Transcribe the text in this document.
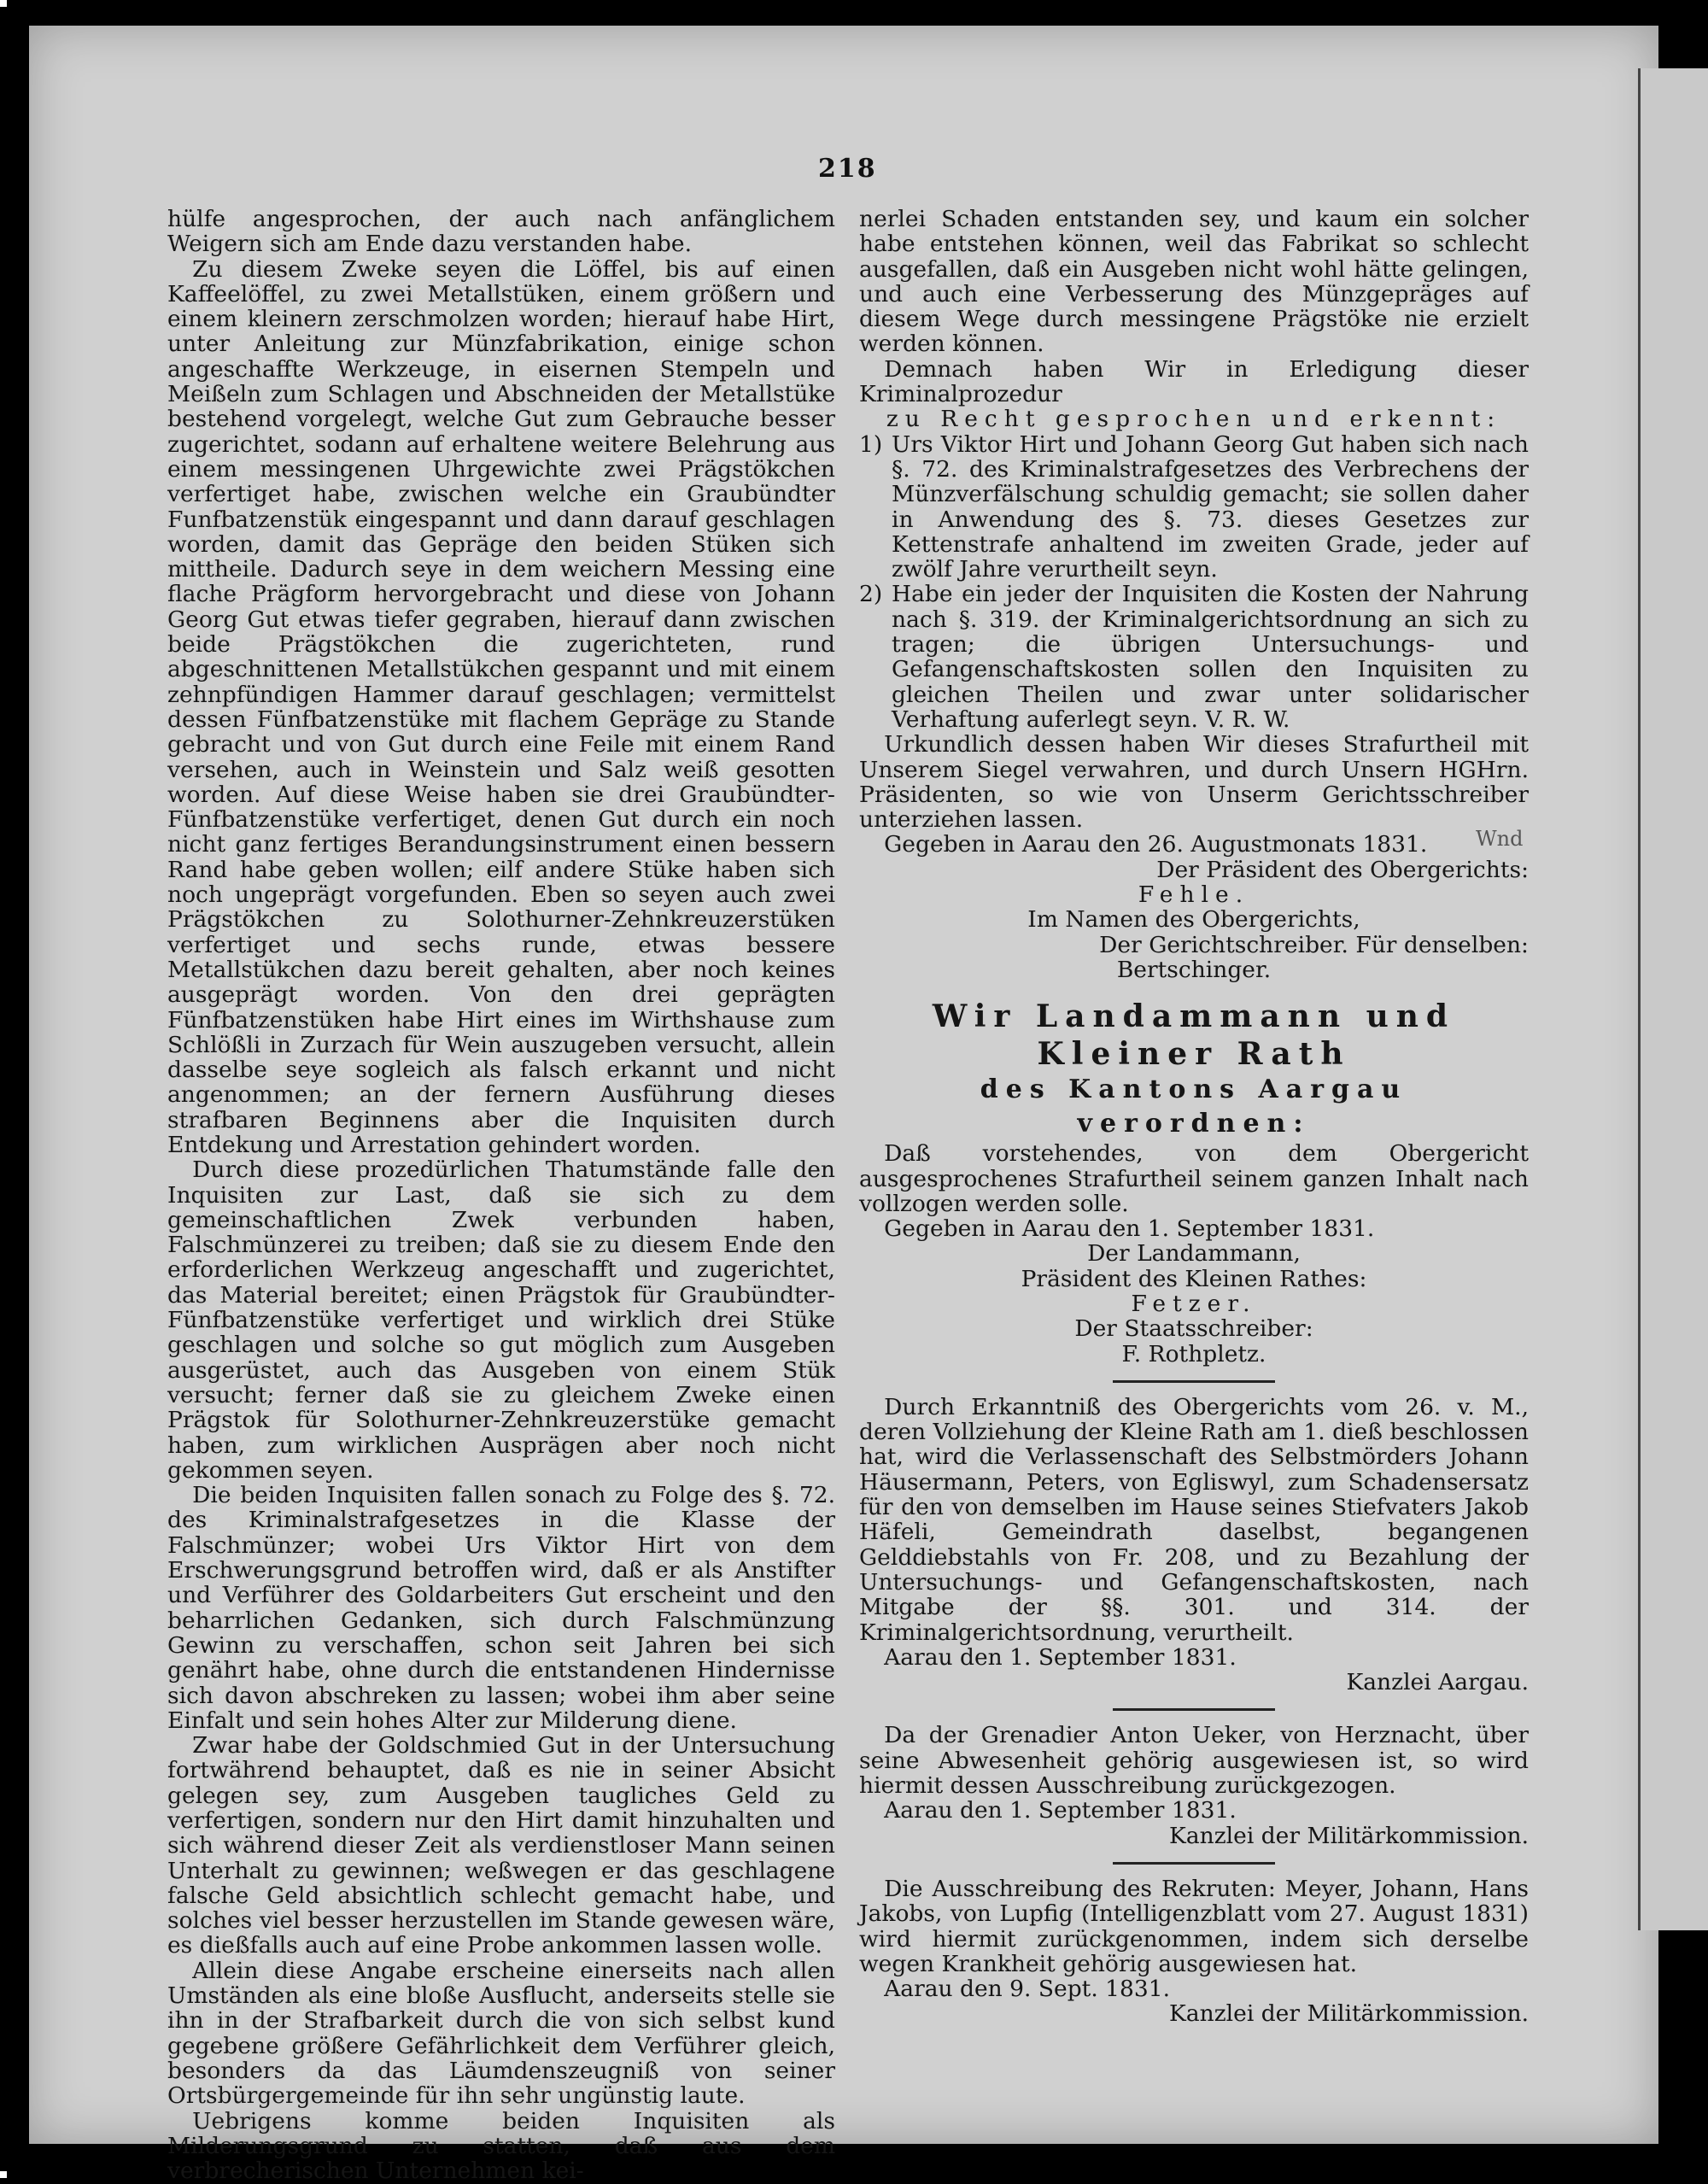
Wnd
218

hülfe angesprochen, der auch nach anfänglichem Weigern sich am Ende dazu verstanden habe.

Zu diesem Zweke seyen die Löffel, bis auf einen Kaffeelöffel, zu zwei Metallstüken, einem größern und einem kleinern zerschmolzen worden; hierauf habe Hirt, unter Anleitung zur Münzfabrikation, einige schon angeschaffte Werkzeuge, in eisernen Stempeln und Meißeln zum Schlagen und Abschneiden der Metallstüke bestehend vorgelegt, welche Gut zum Gebrauche besser zugerichtet, sodann auf erhaltene weitere Belehrung aus einem messingenen Uhrgewichte zwei Prägstökchen verfertiget habe, zwischen welche ein Graubündter Funfbatzenstük eingespannt und dann darauf geschlagen worden, damit das Gepräge den beiden Stüken sich mittheile. Dadurch seye in dem weichern Messing eine flache Prägform hervorgebracht und diese von Johann Georg Gut etwas tiefer gegraben, hierauf dann zwischen beide Prägstökchen die zugerichteten, rund abgeschnittenen Metallstükchen gespannt und mit einem zehnpfündigen Hammer darauf geschlagen; vermittelst dessen Fünfbatzenstüke mit flachem Gepräge zu Stande gebracht und von Gut durch eine Feile mit einem Rand versehen, auch in Weinstein und Salz weiß gesotten worden. Auf diese Weise haben sie drei Graubündter-Fünfbatzenstüke verfertiget, denen Gut durch ein noch nicht ganz fertiges Berandungsinstrument einen bessern Rand habe geben wollen; eilf andere Stüke haben sich noch ungeprägt vorgefunden. Eben so seyen auch zwei Prägstökchen zu Solothurner-Zehnkreuzerstüken verfertiget und sechs runde, etwas bessere Metallstükchen dazu bereit gehalten, aber noch keines ausgeprägt worden. Von den drei geprägten Fünfbatzenstüken habe Hirt eines im Wirthshause zum Schlößli in Zurzach für Wein auszugeben versucht, allein dasselbe seye sogleich als falsch erkannt und nicht angenommen; an der fernern Ausführung dieses strafbaren Beginnens aber die Inquisiten durch Entdekung und Arrestation gehindert worden.

Durch diese prozedürlichen Thatumstände falle den Inquisiten zur Last, daß sie sich zu dem gemeinschaftlichen Zwek verbunden haben, Falschmünzerei zu treiben; daß sie zu diesem Ende den erforderlichen Werkzeug angeschafft und zugerichtet, das Material bereitet; einen Prägstok für Graubündter-Fünfbatzenstüke verfertiget und wirklich drei Stüke geschlagen und solche so gut möglich zum Ausgeben ausgerüstet, auch das Ausgeben von einem Stük versucht; ferner daß sie zu gleichem Zweke einen Prägstok für Solothurner-Zehnkreuzerstüke gemacht haben, zum wirklichen Ausprägen aber noch nicht gekommen seyen.

Die beiden Inquisiten fallen sonach zu Folge des §. 72. des Kriminalstrafgesetzes in die Klasse der Falschmünzer; wobei Urs Viktor Hirt von dem Erschwerungsgrund betroffen wird, daß er als Anstifter und Verführer des Goldarbeiters Gut erscheint und den beharrlichen Gedanken, sich durch Falschmünzung Gewinn zu verschaffen, schon seit Jahren bei sich genährt habe, ohne durch die entstandenen Hindernisse sich davon abschreken zu lassen; wobei ihm aber seine Einfalt und sein hohes Alter zur Milderung diene.

Zwar habe der Goldschmied Gut in der Untersuchung fortwährend behauptet, daß es nie in seiner Absicht gelegen sey, zum Ausgeben taugliches Geld zu verfertigen, sondern nur den Hirt damit hinzuhalten und sich während dieser Zeit als verdienstloser Mann seinen Unterhalt zu gewinnen; weßwegen er das geschlagene falsche Geld absichtlich schlecht gemacht habe, und solches viel besser herzustellen im Stande gewesen wäre, es dießfalls auch auf eine Probe ankommen lassen wolle.

Allein diese Angabe erscheine einerseits nach allen Umständen als eine bloße Ausflucht, anderseits stelle sie ihn in der Strafbarkeit durch die von sich selbst kund gegebene größere Gefährlichkeit dem Verführer gleich, besonders da das Läumdenszeugniß von seiner Ortsbürgergemeinde für ihn sehr ungünstig laute.

Uebrigens komme beiden Inquisiten als Milderungsgrund zu statten, daß aus dem verbrecherischen Unternehmen kei-

nerlei Schaden entstanden sey, und kaum ein solcher habe entstehen können, weil das Fabrikat so schlecht ausgefallen, daß ein Ausgeben nicht wohl hätte gelingen, und auch eine Verbesserung des Münzgepräges auf diesem Wege durch messingene Prägstöke nie erzielt werden können.

Demnach haben Wir in Erledigung dieser Kriminalprozedur

zu Recht gesprochen und erkennt:

1) Urs Viktor Hirt und Johann Georg Gut haben sich nach §. 72. des Kriminalstrafgesetzes des Verbrechens der Münzverfälschung schuldig gemacht; sie sollen daher in Anwendung des §. 73. dieses Gesetzes zur Kettenstrafe anhaltend im zweiten Grade, jeder auf zwölf Jahre verurtheilt seyn.
2) Habe ein jeder der Inquisiten die Kosten der Nahrung nach §. 319. der Kriminalgerichtsordnung an sich zu tragen; die übrigen Untersuchungs- und Gefangenschaftskosten sollen den Inquisiten zu gleichen Theilen und zwar unter solidarischer Verhaftung auferlegt seyn. V. R. W.

Urkundlich dessen haben Wir dieses Strafurtheil mit Unserem Siegel verwahren, und durch Unsern HGHrn. Präsidenten, so wie von Unserm Gerichtsschreiber unterziehen lassen.

Gegeben in Aarau den 26. Augustmonats 1831.

Der Präsident des Obergerichts:

Fehle.

Im Namen des Obergerichts,

Der Gerichtschreiber. Für denselben:

Bertschinger.

Wir Landammann und Kleiner Rath

des Kantons Aargau

verordnen:

Daß vorstehendes, von dem Obergericht ausgesprochenes Strafurtheil seinem ganzen Inhalt nach vollzogen werden solle.

Gegeben in Aarau den 1. September 1831.

Der Landammann,

Präsident des Kleinen Rathes:

Fetzer.

Der Staatsschreiber:

F. Rothpletz.

Durch Erkanntniß des Obergerichts vom 26. v. M., deren Vollziehung der Kleine Rath am 1. dieß beschlossen hat, wird die Verlassenschaft des Selbstmörders Johann Häusermann, Peters, von Egliswyl, zum Schadensersatz für den von demselben im Hause seines Stiefvaters Jakob Häfeli, Gemeindrath daselbst, begangenen Gelddiebstahls von Fr. 208, und zu Bezahlung der Untersuchungs- und Gefangenschaftskosten, nach Mitgabe der §§. 301. und 314. der Kriminalgerichtsordnung, verurtheilt.

Aarau den 1. September 1831.

Kanzlei Aargau.

Da der Grenadier Anton Ueker, von Herznacht, über seine Abwesenheit gehörig ausgewiesen ist, so wird hiermit dessen Ausschreibung zurückgezogen.

Aarau den 1. September 1831.

Kanzlei der Militärkommission.

Die Ausschreibung des Rekruten: Meyer, Johann, Hans Jakobs, von Lupfig (Intelligenzblatt vom 27. August 1831) wird hiermit zurückgenommen, indem sich derselbe wegen Krankheit gehörig ausgewiesen hat.

Aarau den 9. Sept. 1831.

Kanzlei der Militärkommission.
